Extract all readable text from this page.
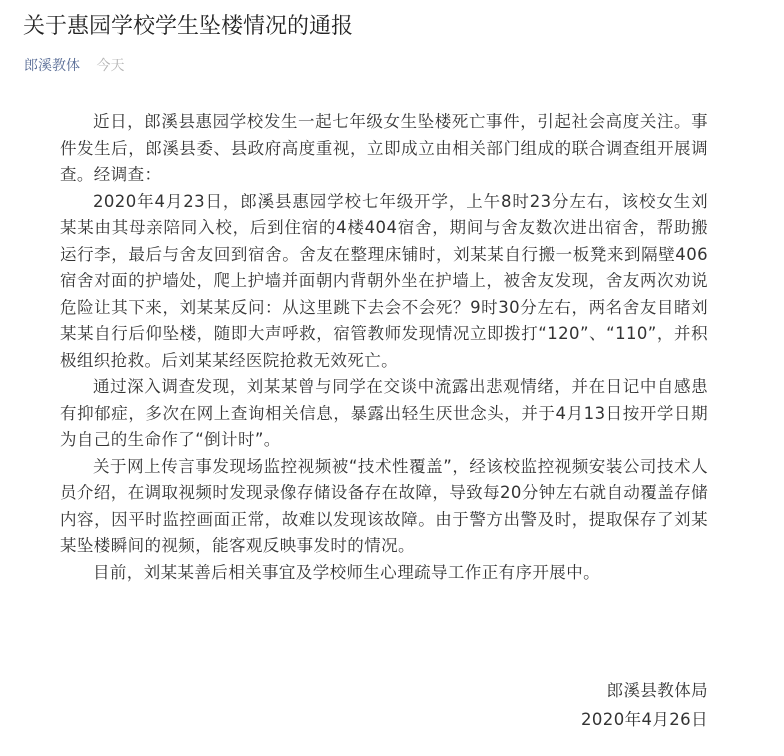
关于惠园学校学生坠楼情况的通报
郎溪教体 今天

近日，郎溪县惠园学校发生一起七年级女生坠楼死亡事件，引起社会高度关注。事件发生后，郎溪县委、县政府高度重视，立即成立由相关部门组成的联合调查组开展调查。经调查：

2020年4月23日，郎溪县惠园学校七年级开学，上午8时23分左右，该校女生刘某某由其母亲陪同入校，后到住宿的4楼404宿舍，期间与舍友数次进出宿舍，帮助搬运行李，最后与舍友回到宿舍。舍友在整理床铺时，刘某某自行搬一板凳来到隔壁406宿舍对面的护墙处，爬上护墙并面朝内背朝外坐在护墙上，被舍友发现，舍友两次劝说危险让其下来，刘某某反问：从这里跳下去会不会死？9时30分左右，两名舍友目睹刘某某自行后仰坠楼，随即大声呼救，宿管教师发现情况立即拨打“120”、“110”，并积极组织抢救。后刘某某经医院抢救无效死亡。

通过深入调查发现，刘某某曾与同学在交谈中流露出悲观情绪，并在日记中自感患有抑郁症，多次在网上查询相关信息，暴露出轻生厌世念头，并于4月13日按开学日期为自己的生命作了“倒计时”。

关于网上传言事发现场监控视频被“技术性覆盖”，经该校监控视频安装公司技术人员介绍，在调取视频时发现录像存储设备存在故障，导致每20分钟左右就自动覆盖存储内容，因平时监控画面正常，故难以发现该故障。由于警方出警及时，提取保存了刘某某坠楼瞬间的视频，能客观反映事发时的情况。

目前，刘某某善后相关事宜及学校师生心理疏导工作正有序开展中。

郎溪县教体局
2020年4月26日
